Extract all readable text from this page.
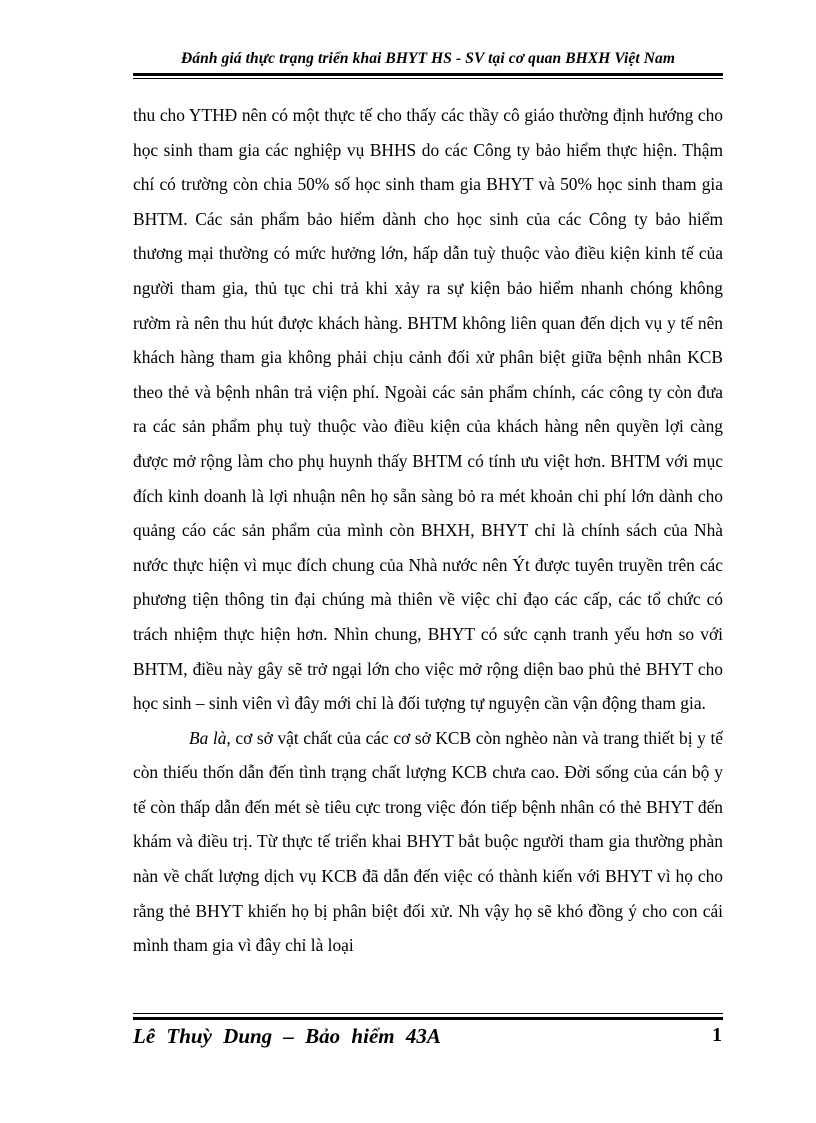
Đánh giá thực trạng triển khai BHYT HS - SV tại cơ quan BHXH Việt Nam

thu cho YTHĐ nên có một thực tế cho thấy các thầy cô giáo thường định hướng cho học sinh tham gia các nghiệp vụ BHHS do các Công ty bảo hiểm thực hiện. Thậm chí có trường còn chia 50% số học sinh tham gia BHYT và 50% học sinh tham gia BHTM. Các sản phẩm bảo hiểm dành cho học sinh của các Công ty bảo hiểm thương mại thường có mức hưởng lớn, hấp dẫn tuỳ thuộc vào điều kiện kinh tế của người tham gia, thủ tục chi trả khi xảy ra sự kiện bảo hiểm nhanh chóng không rườm rà nên thu hút được khách hàng. BHTM không liên quan đến dịch vụ y tế nên khách hàng tham gia không phải chịu cảnh đối xử phân biệt giữa bệnh nhân KCB theo thẻ và bệnh nhân trả viện phí. Ngoài các sản phẩm chính, các công ty còn đưa ra các sản phẩm phụ tuỳ thuộc vào điều kiện của khách hàng nên quyền lợi càng được mở rộng làm cho phụ huynh thấy BHTM có tính ưu việt hơn. BHTM với mục đích kinh doanh là lợi nhuận nên họ sẵn sàng bỏ ra mét khoản chi phí lớn dành cho quảng cáo các sản phẩm của mình còn BHXH, BHYT chỉ là chính sách của Nhà nước thực hiện vì mục đích chung của Nhà nước nên Ýt được tuyên truyền trên các phương tiện thông tin đại chúng mà thiên về việc chỉ đạo các cấp, các tổ chức có trách nhiệm thực hiện hơn. Nhìn chung, BHYT có sức cạnh tranh yếu hơn so với BHTM, điều này gây sẽ trở ngại lớn cho việc mở rộng diện bao phủ thẻ BHYT cho học sinh – sinh viên vì đây mới chỉ là đối tượng tự nguyện cần vận động tham gia.

Ba là, cơ sở vật chất của các cơ sở KCB còn nghèo nàn và trang thiết bị y tế còn thiếu thốn dẫn đến tình trạng chất lượng KCB chưa cao. Đời sống của cán bộ y tế còn thấp dẫn đến mét sè tiêu cực trong việc đón tiếp bệnh nhân có thẻ BHYT đến khám và điều trị. Từ thực tế triển khai BHYT bắt buộc người tham gia thường phàn nàn về chất lượng dịch vụ KCB đã dẫn đến việc có thành kiến với BHYT vì họ cho rằng thẻ BHYT khiến họ bị phân biệt đối xử. Nh vậy họ sẽ khó đồng ý cho con cái mình tham gia vì đây chỉ là loại

Lê Thuỳ Dung – Bảo hiểm 43A	1
